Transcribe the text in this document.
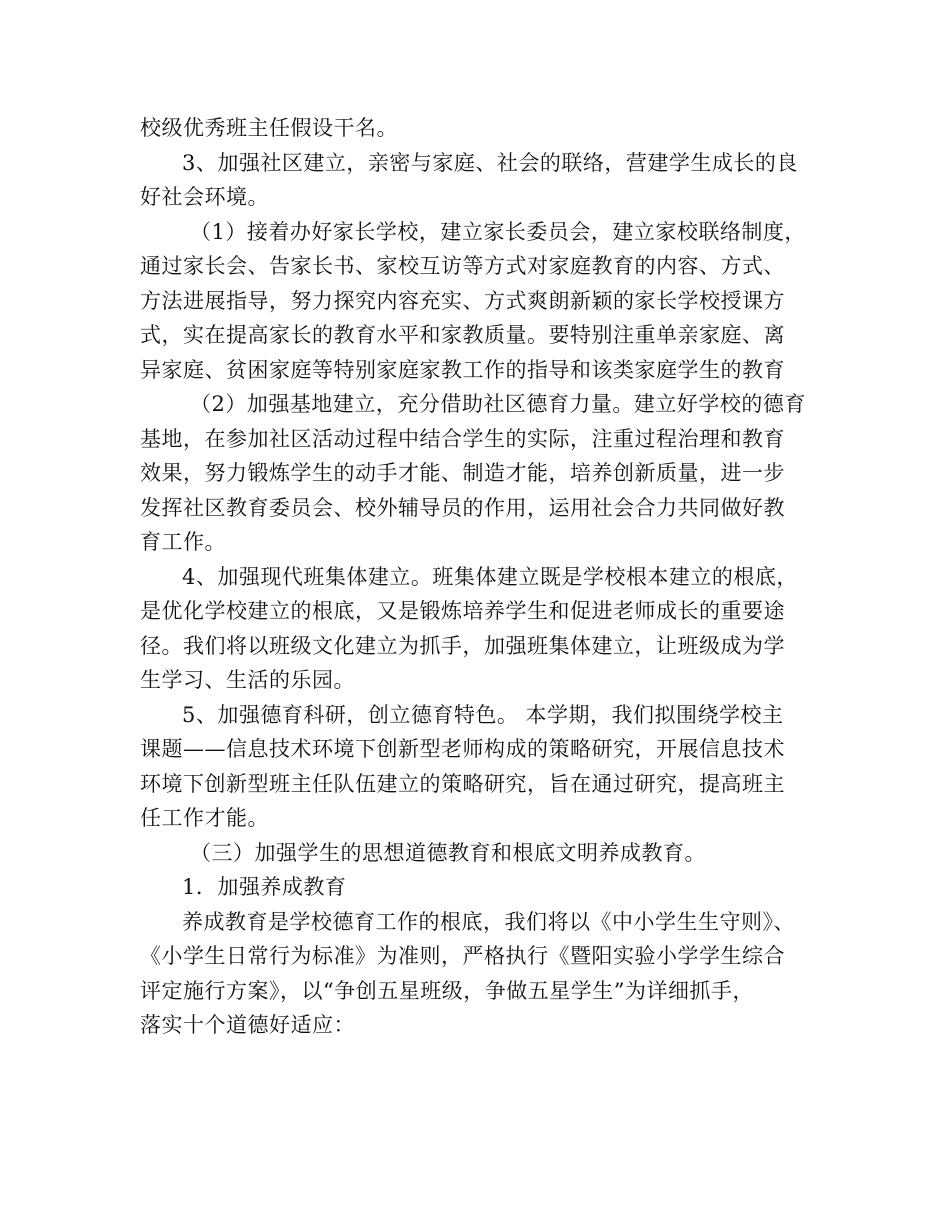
校级优秀班主任假设干名。
3、加强社区建立，亲密与家庭、社会的联络，营建学生成长的良
好社会环境。
（1）接着办好家长学校，建立家长委员会，建立家校联络制度，
通过家长会、告家长书、家校互访等方式对家庭教育的内容、方式、
方法进展指导，努力探究内容充实、方式爽朗新颖的家长学校授课方
式，实在提高家长的教育水平和家教质量。要特别注重单亲家庭、离
异家庭、贫困家庭等特别家庭家教工作的指导和该类家庭学生的教育
（2）加强基地建立，充分借助社区德育力量。建立好学校的德育
基地，在参加社区活动过程中结合学生的实际，注重过程治理和教育
效果，努力锻炼学生的动手才能、制造才能，培养创新质量，进一步
发挥社区教育委员会、校外辅导员的作用，运用社会合力共同做好教
育工作。
4、加强现代班集体建立。班集体建立既是学校根本建立的根底，
是优化学校建立的根底，又是锻炼培养学生和促进老师成长的重要途
径。我们将以班级文化建立为抓手，加强班集体建立，让班级成为学
生学习、生活的乐园。
5、加强德育科研，创立德育特色。 本学期，我们拟围绕学校主
课题——信息技术环境下创新型老师构成的策略研究，开展信息技术
环境下创新型班主任队伍建立的策略研究，旨在通过研究，提高班主
任工作才能。
（三）加强学生的思想道德教育和根底文明养成教育。
1．加强养成教育
养成教育是学校德育工作的根底，我们将以《中小学生生守则》、
《小学生日常行为标准》为准则，严格执行《暨阳实验小学学生综合
评定施行方案》，以“争创五星班级，争做五星学生”为详细抓手，
落实十个道德好适应：
